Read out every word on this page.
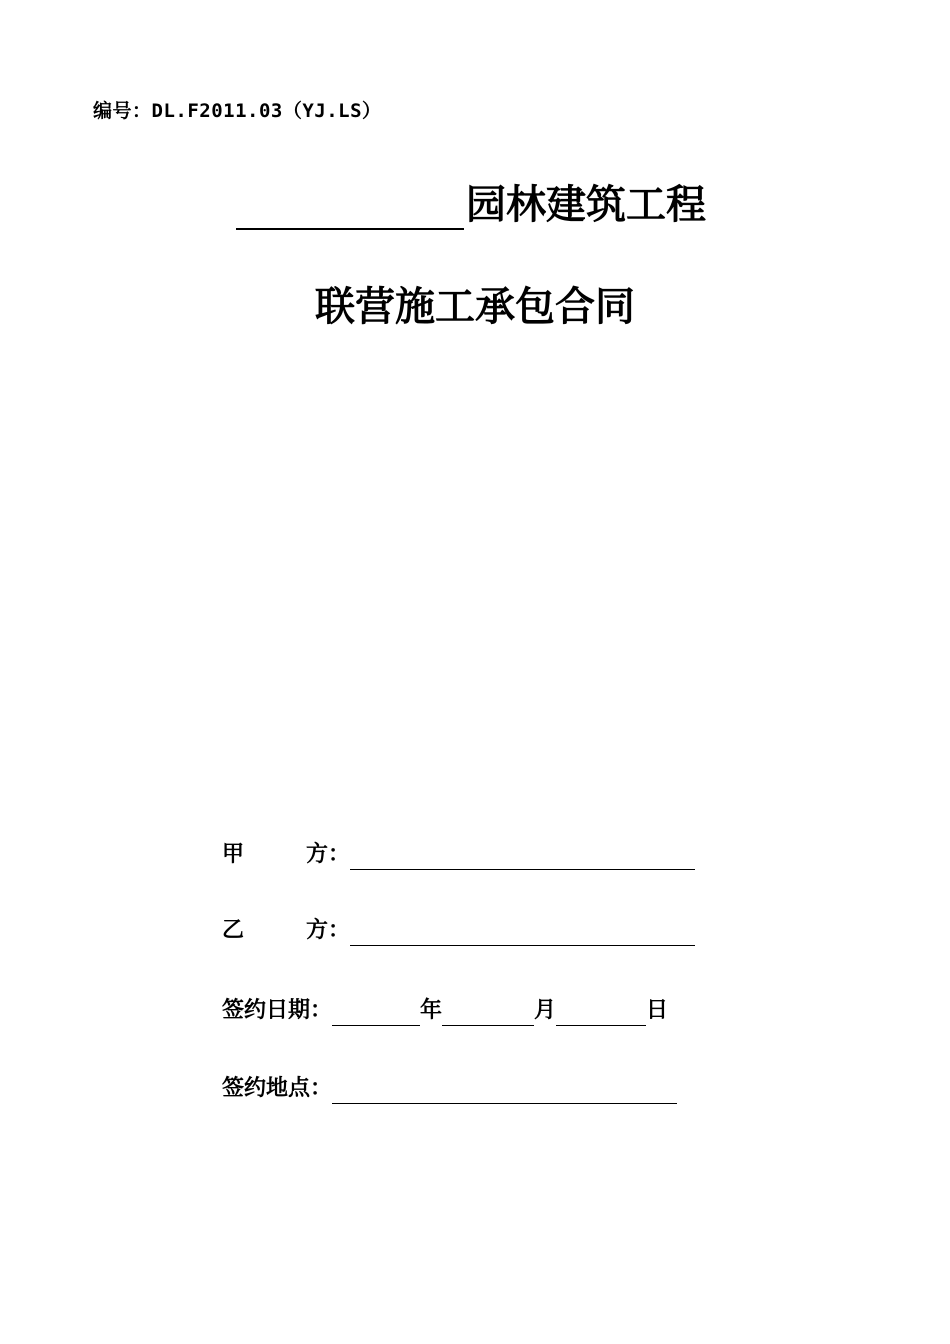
编号：DL.F2011.03（YJ.LS）
园林建筑工程
联营施工承包合同
甲	方：
乙	方：
签约日期：	年	月	日
签约地点：
